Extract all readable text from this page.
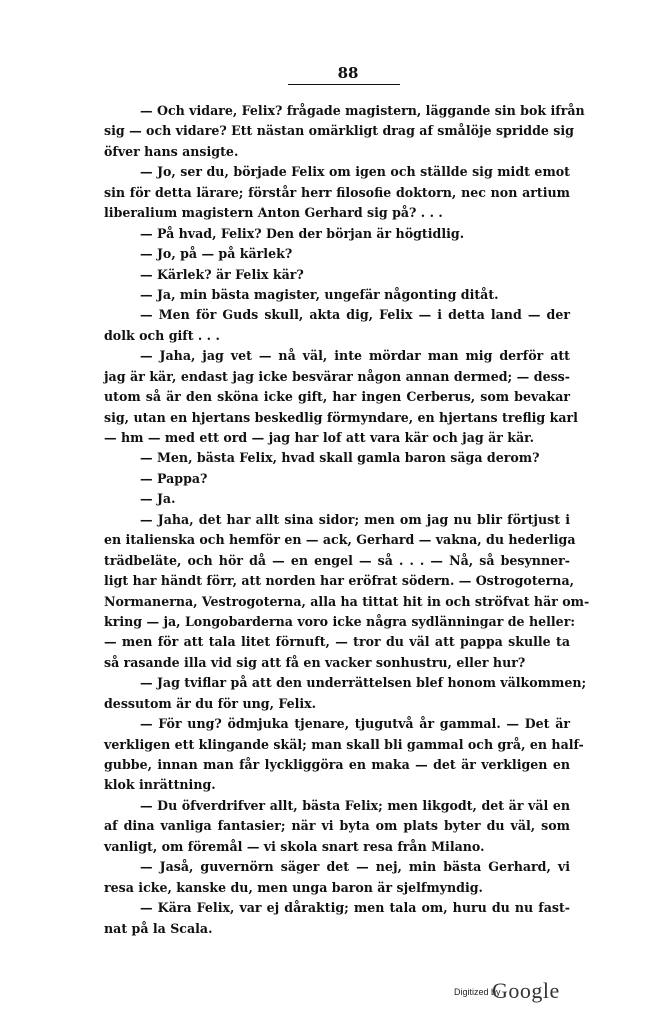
88
— Och vidare, Felix? frågade magistern, läggande sin bok ifrån
sig — och vidare? Ett nästan omärkligt drag af smålöje spridde sig
öfver hans ansigte.
— Jo, ser du, började Felix om igen och ställde sig midt emot
sin för detta lärare; förstår herr filosofie doktorn, nec non artium
liberalium magistern Anton Gerhard sig på? . . .
— På hvad, Felix? Den der början är högtidlig.
— Jo, på — på kärlek?
— Kärlek? är Felix kär?
— Ja, min bästa magister, ungefär någonting ditåt.
— Men för Guds skull, akta dig, Felix — i detta land — der
dolk och gift . . .
— Jaha, jag vet — nå väl, inte mördar man mig derför att
jag är kär, endast jag icke besvärar någon annan dermed; — dess-
utom så är den sköna icke gift, har ingen Cerberus, som bevakar
sig, utan en hjertans beskedlig förmyndare, en hjertans treflig karl
— hm — med ett ord — jag har lof att vara kär och jag är kär.
— Men, bästa Felix, hvad skall gamla baron säga derom?
— Pappa?
— Ja.
— Jaha, det har allt sina sidor; men om jag nu blir förtjust i
en italienska och hemför en — ack, Gerhard — vakna, du hederliga
trädbeläte, och hör då — en engel — så . . . — Nå, så besynner-
ligt har händt förr, att norden har eröfrat södern. — Ostrogoterna,
Normanerna, Vestrogoterna, alla ha tittat hit in och ströfvat här om-
kring — ja, Longobarderna voro icke några sydlänningar de heller:
— men för att tala litet förnuft, — tror du väl att pappa skulle ta
så rasande illa vid sig att få en vacker sonhustru, eller hur?
— Jag tviflar på att den underrättelsen blef honom välkommen;
dessutom är du för ung, Felix.
— För ung? ödmjuka tjenare, tjugutvå år gammal. — Det är
verkligen ett klingande skäl; man skall bli gammal och grå, en half-
gubbe, innan man får lyckliggöra en maka — det är verkligen en
klok inrättning.
— Du öfverdrifver allt, bästa Felix; men likgodt, det är väl en
af dina vanliga fantasier; när vi byta om plats byter du väl, som
vanligt, om föremål — vi skola snart resa från Milano.
— Jaså, guvernörn säger det — nej, min bästa Gerhard, vi
resa icke, kanske du, men unga baron är sjelfmyndig.
— Kära Felix, var ej dåraktig; men tala om, huru du nu fast-
nat på la Scala.
Digitized by
Google
